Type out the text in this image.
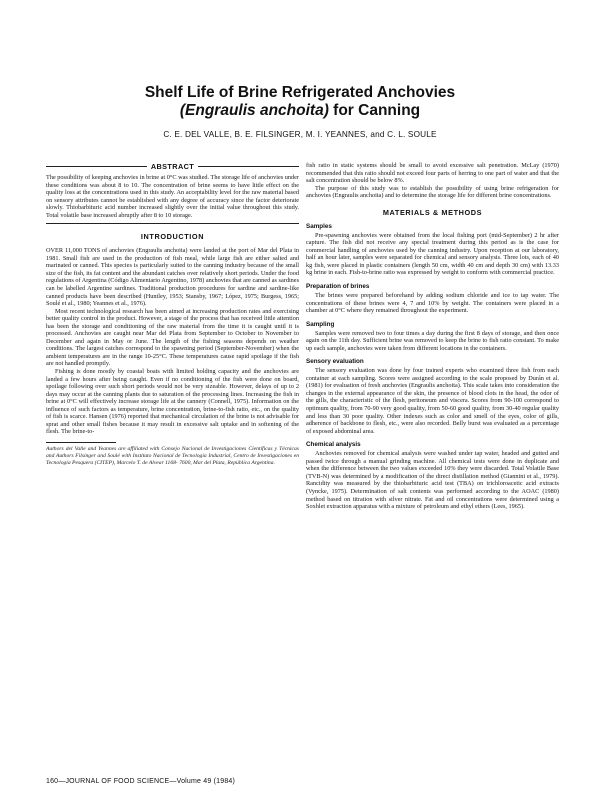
Shelf Life of Brine Refrigerated Anchovies
(Engraulis anchoita) for Canning
C. E. DEL VALLE, B. E. FILSINGER, M. I. YEANNES, and C. L. SOULE
ABSTRACT

The possibility of keeping anchovies in brine at 0°C was studied. The storage life of anchovies under these conditions was about 8 to 10. The concentration of brine seems to have little effect on the quality loss at the concentrations used in this study. An acceptability level for the raw material based on sensory attributes cannot be established with any degree of accuracy since the factor deteriorate slowly. Thiobarbituric acid number increased slightly over the initial value throughout this study. Total volatile base increased abruptly after 8 to 10 storage.

INTRODUCTION

OVER 11,000 TONS of anchovies (Engraulis anchoita) were landed at the port of Mar del Plata in 1981. Small fish are used in the production of fish meal, while large fish are either salted and marinated or canned. This species is particularly suited to the canning industry because of the small size of the fish, its fat content and the abundant catches over relatively short periods. Under the food regulations of Argentina (Código Alimentario Argentino, 1978) anchovies that are canned as sardines can be labelled Argentine sardines. Traditional production procedures for sardine and sardine-like canned products have been described (Huntley, 1953; Stansby, 1967; López, 1975; Burgess, 1965; Soulé et al., 1980; Yeannes et al., 1976).

Most recent technological research has been aimed at increasing production rates and exercising better quality control in the product. However, a stage of the process that has received little attention has been the storage and conditioning of the raw material from the time it is caught until it is processed. Anchovies are caught near Mar del Plata from September to October to November to December and again in May or June. The length of the fishing seasons depends on weather conditions. The largest catches correspond to the spawning period (September-November) when the ambient temperatures are in the range 10-25°C. These temperatures cause rapid spoilage if the fish are not handled promptly.

Fishing is done mostly by coastal boats with limited holding capacity and the anchovies are landed a few hours after being caught. Even if no conditioning of the fish were done on board, spoilage following over such short periods would not be very sizeable. However, delays of up to 2 days may occur at the canning plants due to saturation of the processing lines. Increasing the fish in brine at 0°C will effectively increase storage life at the cannery (Connell, 1975). Information on the influence of such factors as temperature, brine concentration, brine-to-fish ratio, etc., on the quality of fish is scarce. Hansen (1976) reported that mechanical circulation of the brine is not advisable for sprat and other small fishes because it may result in excessive salt uptake and in softening of the flesh. The brine-to-

Authors del Valle and Yeannes are affiliated with Consejo Nacional de Investigaciones Científicas y Técnicas and Authors Filsinger and Soulé with Instituto Nacional de Tecnología Industrial, Centro de Investigaciones en Tecnología Pesquera (CITEP), Marcelo T. de Alvear 1168- 7600, Mar del Plata, República Argentina.

fish ratio in static systems should be small to avoid excessive salt penetration. McLay (1970) recommended that this ratio should not exceed four parts of herring to one part of water and that the salt concentration should be below 8%.

The purpose of this study was to establish the possibility of using brine refrigeration for anchovies (Engraulis anchoita) and to determine the storage life for different brine concentrations.

MATERIALS & METHODS
Samples

Pre-spawning anchovies were obtained from the local fishing port (mid-September) 2 hr after capture. The fish did not receive any special treatment during this period as is the case for commercial handling of anchovies used by the canning industry. Upon reception at our laboratory, half an hour later, samples were separated for chemical and sensory analysis. Three lots, each of 40 kg fish, were placed in plastic containers (length 50 cm, width 40 cm and depth 30 cm) with 13.33 kg brine in each. Fish-to-brine ratio was expressed by weight to conform with commercial practice.

Preparation of brines

The brines were prepared beforehand by adding sodium chloride and ice to tap water. The concentrations of these brines were 4, 7 and 10% by weight. The containers were placed in a chamber at 0°C where they remained throughout the experiment.

Sampling

Samples were removed two to four times a day during the first 8 days of storage, and then once again on the 11th day. Sufficient brine was removed to keep the brine to fish ratio constant. To make up each sample, anchovies were taken from different locations in the containers.

Sensory evaluation

The sensory evaluation was done by four trained experts who examined three fish from each container at each sampling. Scores were assigned according to the scale proposed by Durán et al. (1981) for evaluation of fresh anchovies (Engraulis anchoita). This scale takes into consideration the changes in the external appearance of the skin, the presence of blood clots in the head, the odor of the gills, the characteristic of the flesh, peritoneum and viscera. Scores from 90-100 correspond to optimum quality, from 70-90 very good quality, from 50-60 good quality, from 30-40 regular quality and less than 30 poor quality. Other indexes such as color and smell of the eyes, color of gills, adherence of backbone to flesh, etc., were also recorded. Belly burst was evaluated as a percentage of exposed abdominal area.

Chemical analysis

Anchovies removed for chemical analysis were washed under tap water, headed and gutted and passed twice through a manual grinding machine. All chemical tests were done in duplicate and when the difference between the two values exceeded 10% they were discarded. Total Volatile Base (TVB-N) was determined by a modification of the direct distillation method (Giannini et al., 1979). Rancidity was measured by the thiobarbituric acid test (TBA) on trichloroacetic acid extracts (Vyncke, 1975). Determination of salt contents was performed according to the AOAC (1980) method based on titration with silver nitrate. Fat and oil concentrations were determined using a Soxhlet extraction apparatus with a mixture of petroleum and ethyl ethers (Lees, 1965).

160—JOURNAL OF FOOD SCIENCE—Volume 49 (1984)
